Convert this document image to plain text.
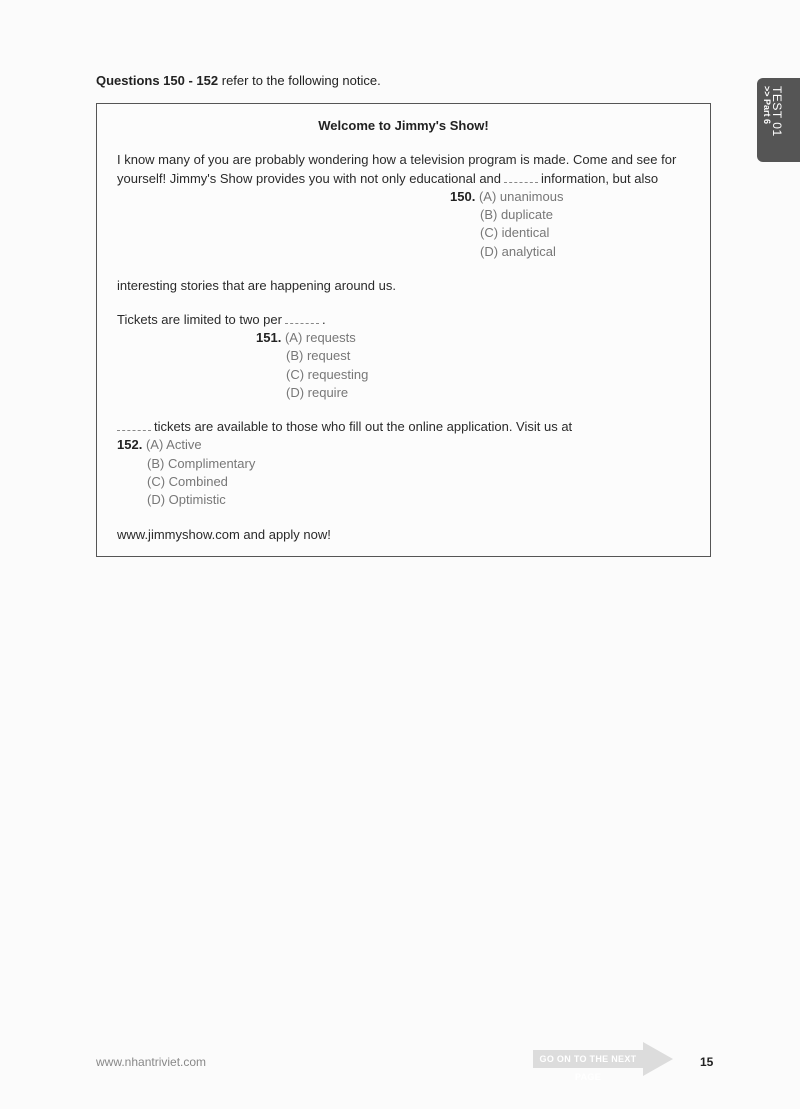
Questions 150 - 152 refer to the following notice.
TEST 01
>> Part 6
Welcome to Jimmy's Show!
I know many of you are probably wondering how a television program is made. Come and see for
yourself! Jimmy's Show provides you with not only educational and	information, but also
150. (A) unanimous
(B) duplicate
(C) identical
(D) analytical
interesting stories that are happening around us.
Tickets are limited to two per	.
151. (A) requests
(B) request
(C) requesting
(D) require
tickets are available to those who fill out the online application. Visit us at
152. (A) Active
(B) Complimentary
(C) Combined
(D) Optimistic
www.jimmyshow.com and apply now!
www.nhantriviet.com	GO ON TO THE NEXT PAGE
15
